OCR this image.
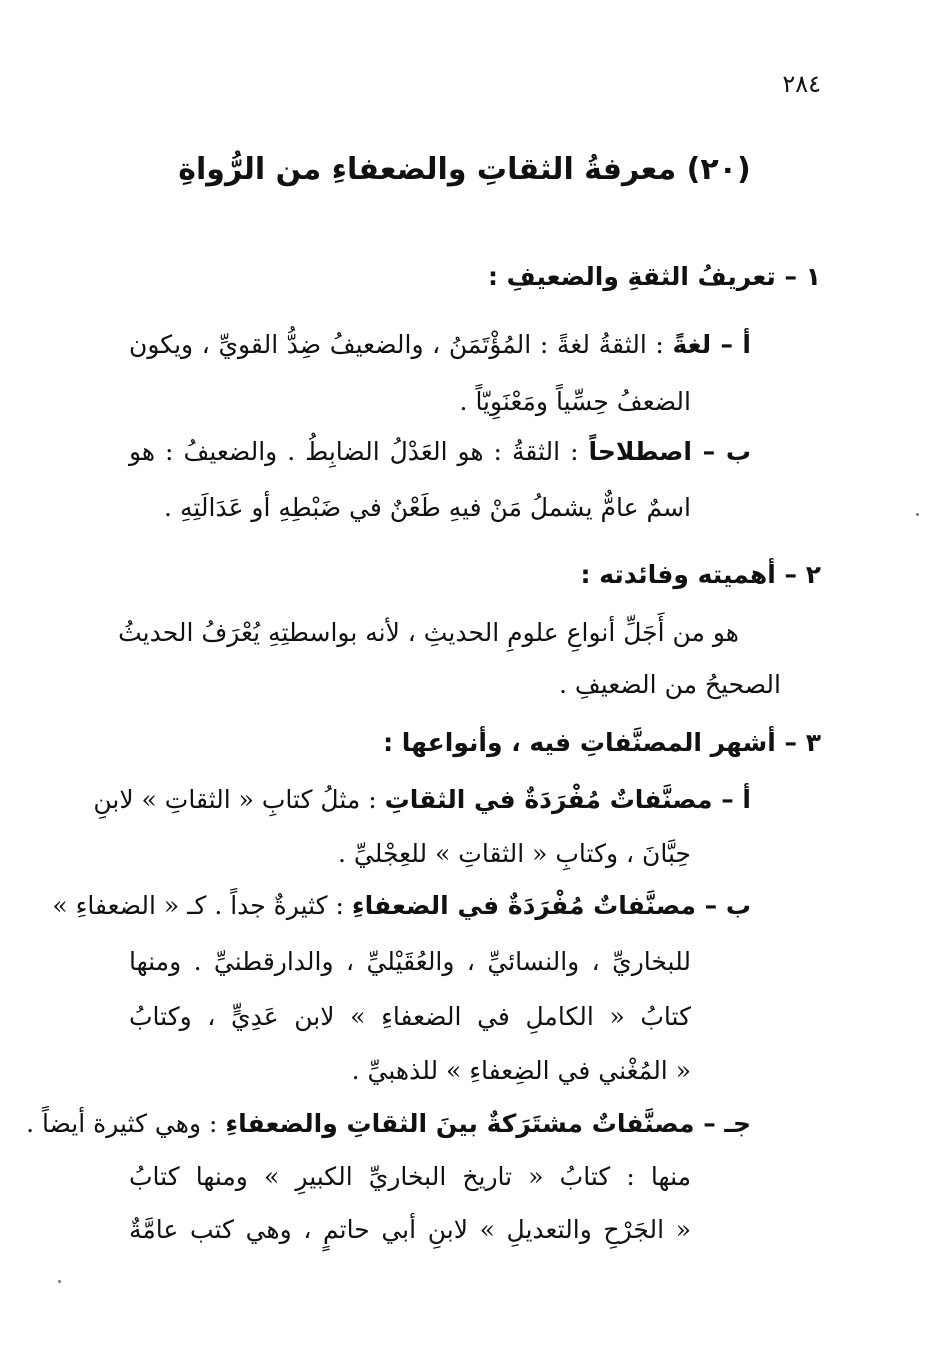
٢٨٤
(٢٠) معرفةُ الثقاتِ والضعفاءِ من الرُّواةِ
١ – تعريفُ الثقةِ والضعيفِ :
أ – لغةً : الثقةُ لغةً : المُؤْتَمَنُ ، والضعيفُ ضِدُّ القويِّ ، ويكون
الضعفُ حِسِّياً ومَعْنَوِيّاً .
ب – اصطلاحاً : الثقةُ : هو العَدْلُ الضابِطُ . والضعيفُ : هو
اسمٌ عامٌّ يشملُ مَنْ فيهِ طَعْنٌ في ضَبْطِهِ أو عَدَالَتِهِ .
٢ – أهميته وفائدته :
هو من أَجَلِّ أنواعِ علومِ الحديثِ ، لأنه بواسطتِهِ يُعْرَفُ الحديثُ
الصحيحُ من الضعيفِ .
٣ – أشهر المصنَّفاتِ فيه ، وأنواعها :
أ – مصنَّفاتٌ مُفْرَدَةٌ في الثقاتِ : مثلُ كتابِ « الثقاتِ » لابنِ
حِبَّانَ ، وكتابِ « الثقاتِ » للعِجْليِّ .
ب – مصنَّفاتٌ مُفْرَدَةٌ في الضعفاءِ : كثيرةٌ جداً . كـ « الضعفاءِ »
للبخاريِّ ، والنسائيِّ ، والعُقَيْليِّ ، والدارقطنيِّ . ومنها
كتابُ « الكاملِ في الضعفاءِ » لابن عَدِيٍّ ، وكتابُ
« المُغْني في الضِعفاءِ » للذهبيِّ .
جـ – مصنَّفاتٌ مشتَرَكةٌ بينَ الثقاتِ والضعفاءِ : وهي كثيرة أيضاً .
منها : كتابُ « تاريخ البخاريِّ الكبيرِ » ومنها كتابُ
« الجَرْحِ والتعديلِ » لابنِ أبي حاتمٍ ، وهي كتب عامَّةٌ
